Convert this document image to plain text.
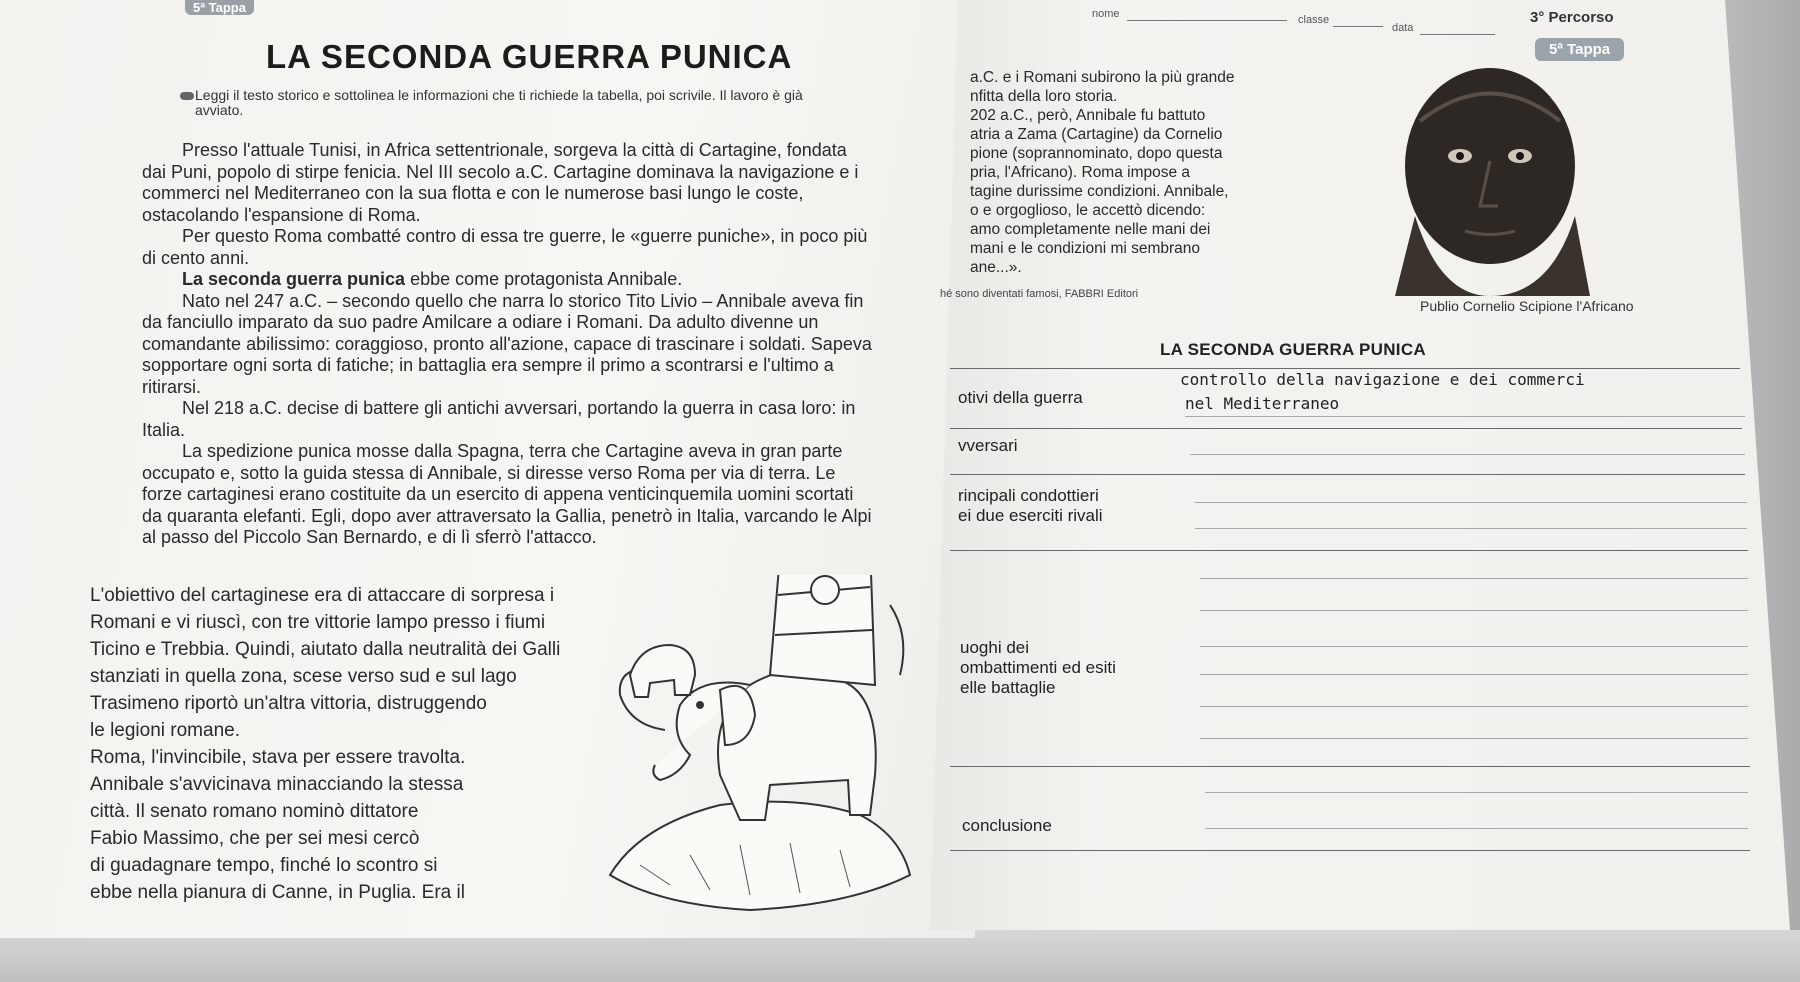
5ª Tappa
LA SECONDA GUERRA PUNICA
Leggi il testo storico e sottolinea le informazioni che ti richiede la tabella, poi scrivile. Il lavoro è già avviato.

Presso l'attuale Tunisi, in Africa settentrionale, sorgeva la città di Cartagine, fondata dai Puni, popolo di stirpe fenicia. Nel III secolo a.C. Cartagine dominava la navigazione e i commerci nel Mediterraneo con la sua flotta e con le numerose basi lungo le coste, ostacolando l'espansione di Roma.

Per questo Roma combatté contro di essa tre guerre, le «guerre puniche», in poco più di cento anni.

La seconda guerra punica ebbe come protagonista Annibale.

Nato nel 247 a.C. – secondo quello che narra lo storico Tito Livio – Annibale aveva fin da fanciullo imparato da suo padre Amilcare a odiare i Romani. Da adulto divenne un comandante abilissimo: coraggioso, pronto all'azione, capace di trascinare i soldati. Sapeva sopportare ogni sorta di fatiche; in battaglia era sempre il primo a scontrarsi e l'ultimo a ritirarsi.

Nel 218 a.C. decise di battere gli antichi avversari, portando la guerra in casa loro: in Italia.

La spedizione punica mosse dalla Spagna, terra che Cartagine aveva in gran parte occupato e, sotto la guida stessa di Annibale, si diresse verso Roma per via di terra. Le forze cartaginesi erano costituite da un esercito di appena venticinquemila uomini scortati da quaranta elefanti. Egli, dopo aver attraversato la Gallia, penetrò in Italia, varcando le Alpi al passo del Piccolo San Bernardo, e di lì sferrò l'attacco.

L'obiettivo del cartaginese era di attaccare di sorpresa i

Romani e vi riuscì, con tre vittorie lampo presso i fiumi

Ticino e Trebbia. Quindi, aiutato dalla neutralità dei Galli

stanziati in quella zona, scese verso sud e sul lago

Trasimeno riportò un'altra vittoria, distruggendo

le legioni romane.

Roma, l'invincibile, stava per essere travolta.

Annibale s'avvicinava minacciando la stessa

città. Il senato romano nominò dittatore

Fabio Massimo, che per sei mesi cercò

di guadagnare tempo, finché lo scontro si

ebbe nella pianura di Canne, in Puglia. Era il

nome	classe
data
3° Percorso
5ª Tappa

a.C. e i Romani subirono la più grande

nfitta della loro storia.

202 a.C., però, Annibale fu battuto

atria a Zama (Cartagine) da Cornelio

pione (soprannominato, dopo questa

pria, l'Africano). Roma impose a

tagine durissime condizioni. Annibale,

o e orgoglioso, le accettò dicendo:

amo completamente nelle mani dei

mani e le condizioni mi sembrano

ane...».

hé sono diventati famosi, FABBRI Editori
Publio Cornelio Scipione l'Africano
LA SECONDA GUERRA PUNICA
otivi della guerra
controllo della navigazione e dei commerci
nel Mediterraneo
vversari
rincipali condottieri
ei due eserciti rivali
uoghi dei
ombattimenti ed esiti
elle battaglie
conclusione
